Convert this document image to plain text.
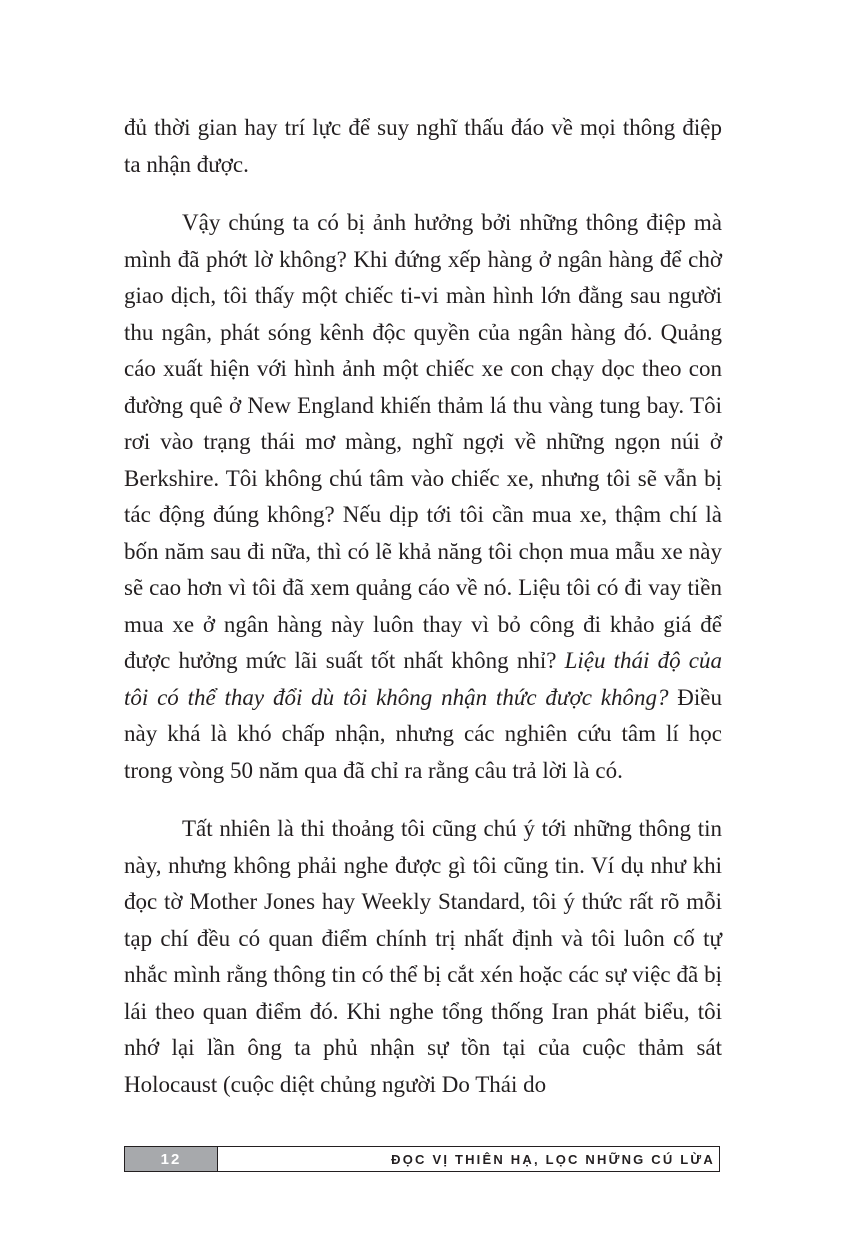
đủ thời gian hay trí lực để suy nghĩ thấu đáo về mọi thông điệp ta nhận được.

Vậy chúng ta có bị ảnh hưởng bởi những thông điệp mà mình đã phớt lờ không? Khi đứng xếp hàng ở ngân hàng để chờ giao dịch, tôi thấy một chiếc ti-vi màn hình lớn đằng sau người thu ngân, phát sóng kênh độc quyền của ngân hàng đó. Quảng cáo xuất hiện với hình ảnh một chiếc xe con chạy dọc theo con đường quê ở New England khiến thảm lá thu vàng tung bay. Tôi rơi vào trạng thái mơ màng, nghĩ ngợi về những ngọn núi ở Berkshire. Tôi không chú tâm vào chiếc xe, nhưng tôi sẽ vẫn bị tác động đúng không? Nếu dịp tới tôi cần mua xe, thậm chí là bốn năm sau đi nữa, thì có lẽ khả năng tôi chọn mua mẫu xe này sẽ cao hơn vì tôi đã xem quảng cáo về nó. Liệu tôi có đi vay tiền mua xe ở ngân hàng này luôn thay vì bỏ công đi khảo giá để được hưởng mức lãi suất tốt nhất không nhỉ? Liệu thái độ của tôi có thể thay đổi dù tôi không nhận thức được không? Điều này khá là khó chấp nhận, nhưng các nghiên cứu tâm lí học trong vòng 50 năm qua đã chỉ ra rằng câu trả lời là có.

Tất nhiên là thi thoảng tôi cũng chú ý tới những thông tin này, nhưng không phải nghe được gì tôi cũng tin. Ví dụ như khi đọc tờ Mother Jones hay Weekly Standard, tôi ý thức rất rõ mỗi tạp chí đều có quan điểm chính trị nhất định và tôi luôn cố tự nhắc mình rằng thông tin có thể bị cắt xén hoặc các sự việc đã bị lái theo quan điểm đó. Khi nghe tổng thống Iran phát biểu, tôi nhớ lại lần ông ta phủ nhận sự tồn tại của cuộc thảm sát Holocaust (cuộc diệt chủng người Do Thái do

12	ĐỌC VỊ THIÊN HẠ, LỌC NHỮNG CÚ LỪA
